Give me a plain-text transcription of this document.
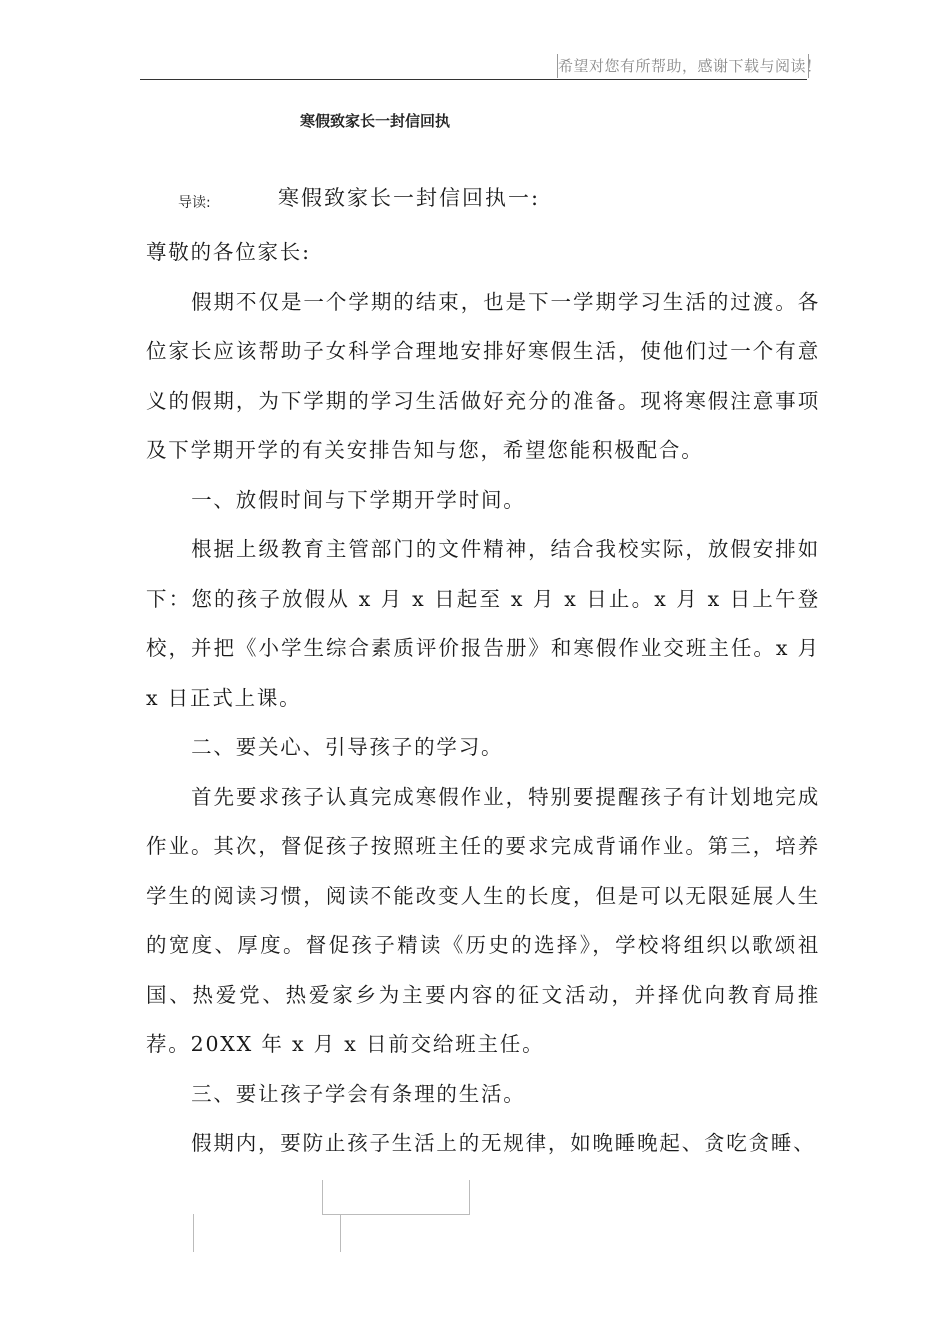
希望对您有所帮助，感谢下载与阅读！
寒假致家长一封信回执
导读:	寒假致家长一封信回执一:

尊敬的各位家长:

假期不仅是一个学期的结束，也是下一学期学习生活的过渡。各位家长应该帮助子女科学合理地安排好寒假生活，使他们过一个有意义的假期，为下学期的学习生活做好充分的准备。现将寒假注意事项及下学期开学的有关安排告知与您，希望您能积极配合。

一、放假时间与下学期开学时间。

根据上级教育主管部门的文件精神，结合我校实际，放假安排如下：您的孩子放假从 x 月 x 日起至 x 月 x 日止。x 月 x 日上午登校，并把《小学生综合素质评价报告册》和寒假作业交班主任。x 月 x 日正式上课。

二、要关心、引导孩子的学习。

首先要求孩子认真完成寒假作业，特别要提醒孩子有计划地完成作业。其次，督促孩子按照班主任的要求完成背诵作业。第三，培养学生的阅读习惯，阅读不能改变人生的长度，但是可以无限延展人生的宽度、厚度。督促孩子精读《历史的选择》，学校将组织以歌颂祖国、热爱党、热爱家乡为主要内容的征文活动，并择优向教育局推荐。20XX 年 x 月 x 日前交给班主任。

三、要让孩子学会有条理的生活。

假期内，要防止孩子生活上的无规律，如晚睡晚起、贪吃贪睡、
